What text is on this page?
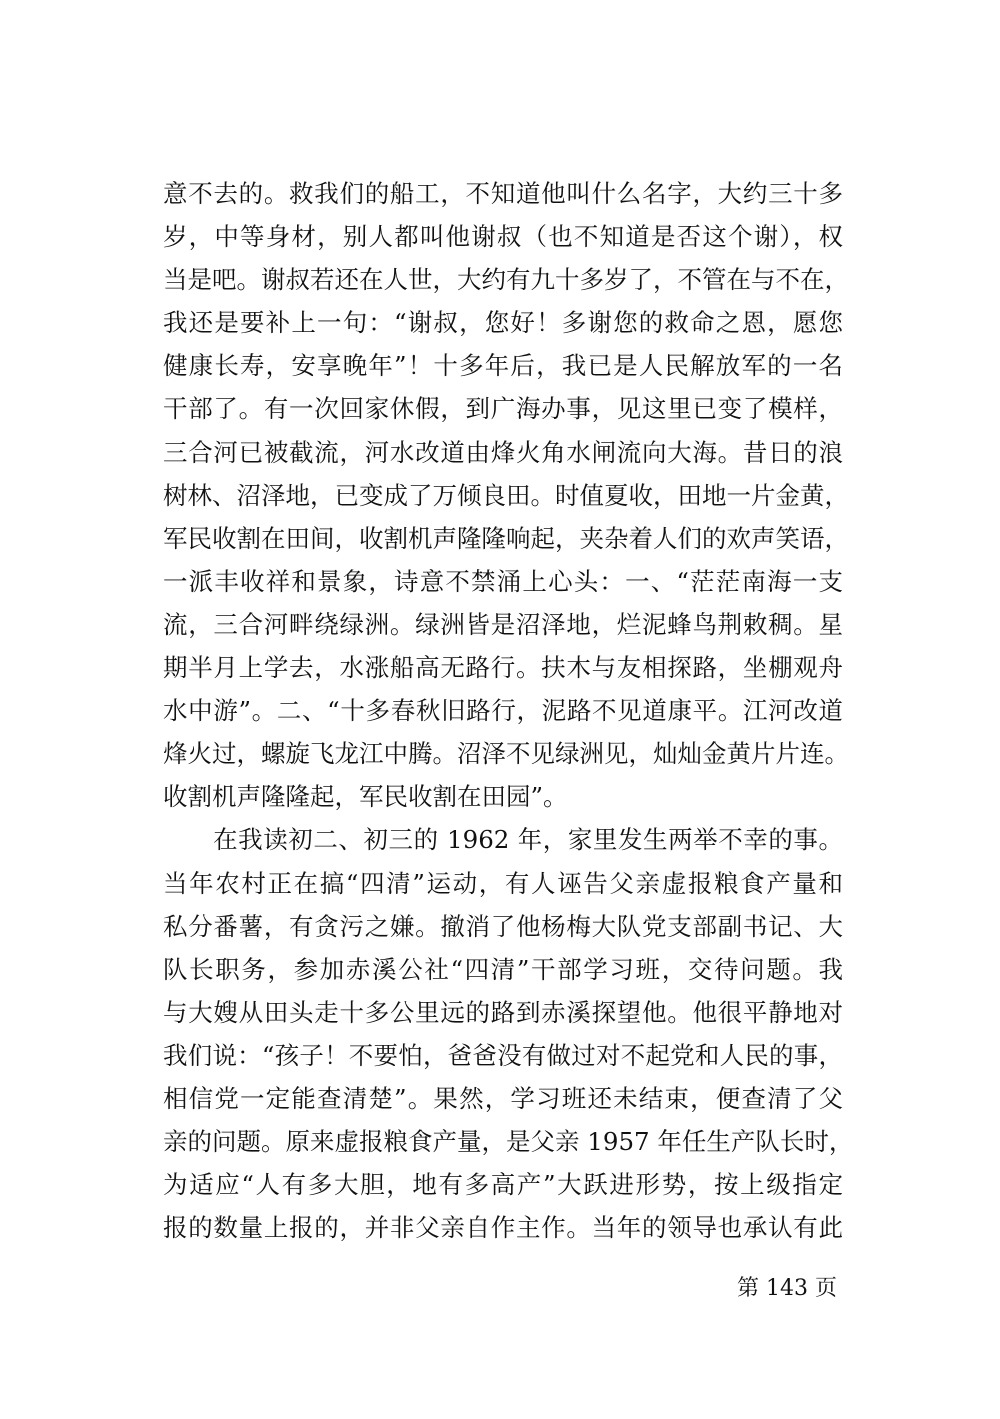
意不去的。救我们的船工，不知道他叫什么名字，大约三十多
岁，中等身材，别人都叫他谢叔（也不知道是否这个谢），权
当是吧。谢叔若还在人世，大约有九十多岁了，不管在与不在，
我还是要补上一句：“谢叔，您好！多谢您的救命之恩，愿您
健康长寿，安享晚年”！十多年后，我已是人民解放军的一名
干部了。有一次回家休假，到广海办事，见这里已变了模样，
三合河已被截流，河水改道由烽火角水闸流向大海。昔日的浪
树林、沼泽地，已变成了万倾良田。时值夏收，田地一片金黄，
军民收割在田间，收割机声隆隆响起，夹杂着人们的欢声笑语，
一派丰收祥和景象，诗意不禁涌上心头：一、“茫茫南海一支
流，三合河畔绕绿洲。绿洲皆是沼泽地，烂泥蜂鸟荆敕稠。星
期半月上学去，水涨船高无路行。扶木与友相探路，坐棚观舟
水中游”。二、“十多春秋旧路行，泥路不见道康平。江河改道
烽火过，螺旋飞龙江中腾。沼泽不见绿洲见，灿灿金黄片片连。
收割机声隆隆起，军民收割在田园”。
　　在我读初二、初三的 1962 年，家里发生两举不幸的事。
当年农村正在搞“四清”运动，有人诬告父亲虚报粮食产量和
私分番薯，有贪污之嫌。撤消了他杨梅大队党支部副书记、大
队长职务，参加赤溪公社“四清”干部学习班，交待问题。我
与大嫂从田头走十多公里远的路到赤溪探望他。他很平静地对
我们说：“孩子！不要怕，爸爸没有做过对不起党和人民的事，
相信党一定能查清楚”。果然，学习班还未结束，便查清了父
亲的问题。原来虚报粮食产量，是父亲 1957 年任生产队长时，
为适应“人有多大胆，地有多高产”大跃进形势，按上级指定
报的数量上报的，并非父亲自作主作。当年的领导也承认有此
第 143 页
